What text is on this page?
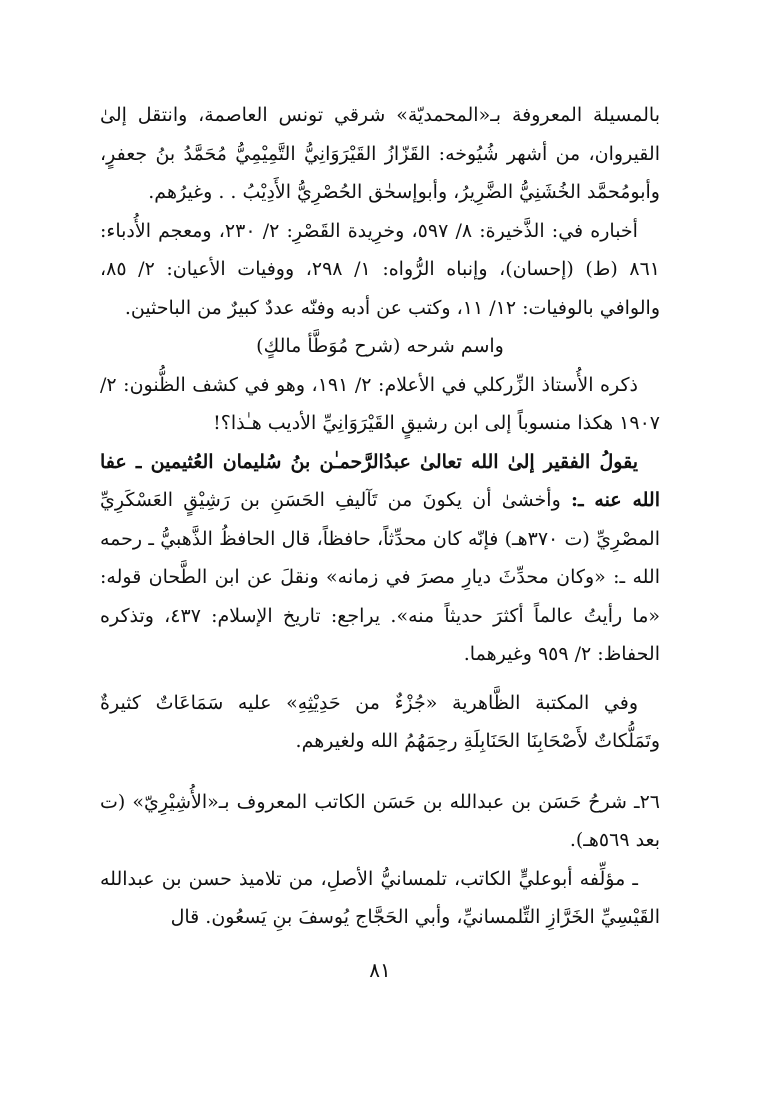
بالمسيلة المعروفة بـ«المحمديّة» شرقي تونس العاصمة، وانتقل إلىٰ القيروان، من أشهر شُيُوخه: القَزّازُ القَيْرَوَانِيُّ التَّمِيْمِيُّ مُحَمَّدُ بنُ جعفرٍ، وأبومُحمَّد الخُشَنِيُّ الضَّرِيرُ، وأبوإسحٰق الحُصْرِيُّ الأَدِيْبُ . . وغيرُهم.

أخباره في: الذَّخيرة: ٨/ ٥٩٧، وخرِيدة القَصْرِ: ٢/ ٢٣٠، ومعجم الأُدباء: ٨٦١ (ط) (إحسان)، وإنباه الرُّواه: ١/ ٢٩٨، ووفيات الأعيان: ٢/ ٨٥، والوافي بالوفيات: ١٢/ ١١، وكتب عن أدبه وفنّه عددٌ كبيرٌ من الباحثين.

واسم شرحه (شرح مُوَطَّأ مالكٍ)

ذكره الأُستاذ الزِّركلي في الأعلام: ٢/ ١٩١، وهو في كشف الظُّنون: ٢/ ١٩٠٧ هكذا منسوباً إلى ابن رشيقٍ القَيْرَوَانِيِّ الأديب هـٰذا؟!

يقولُ الفقير إلىٰ الله تعالىٰ عبدُالرَّحمـٰن بنُ سُليمان العُثيمين ـ عفا الله عنه ـ: وأخشىٰ أن يكونَ من تَآليفِ الحَسَنِ بن رَشِيْقٍ العَسْكَرِيِّ المصْرِيِّ (ت ٣٧٠هـ) فإنّه كان محدِّثاً، حافظاً، قال الحافظُ الذَّهبيُّ ـ رحمه الله ـ: «وكان محدِّثَ ديارِ مصرَ في زمانه» ونقلَ عن ابن الطَّحان قوله: «ما رأيتُ عالماً أكثرَ حديثاً منه». يراجع: تاريخ الإسلام: ٤٣٧، وتذكره الحفاظ: ٢/ ٩٥٩ وغيرهما.

وفي المكتبة الظَّاهرية «جُزْءٌ من حَدِيْثِهِ» عليه سَمَاعَاتٌ كثيرةٌ وتَمَلُّكاتٌ لأَصْحَابِنَا الحَنَابِلَةِ رحِمَهُمُ الله ولغيرهم.

٢٦ـ شرحُ حَسَن بن عبدالله بن حَسَن الكاتب المعروف بـ«الأُشِيْرِيّ» (ت بعد ٥٦٩هـ).

ـ مؤلِّفه أبوعليٍّ الكاتب، تلمسانيُّ الأصلِ، من تلاميذ حسن بن عبدالله القَيْسِيِّ الخَرَّازِ التِّلمسانيِّ، وأبي الحَجَّاج يُوسفَ بنِ يَسعُون. قال

٨١
